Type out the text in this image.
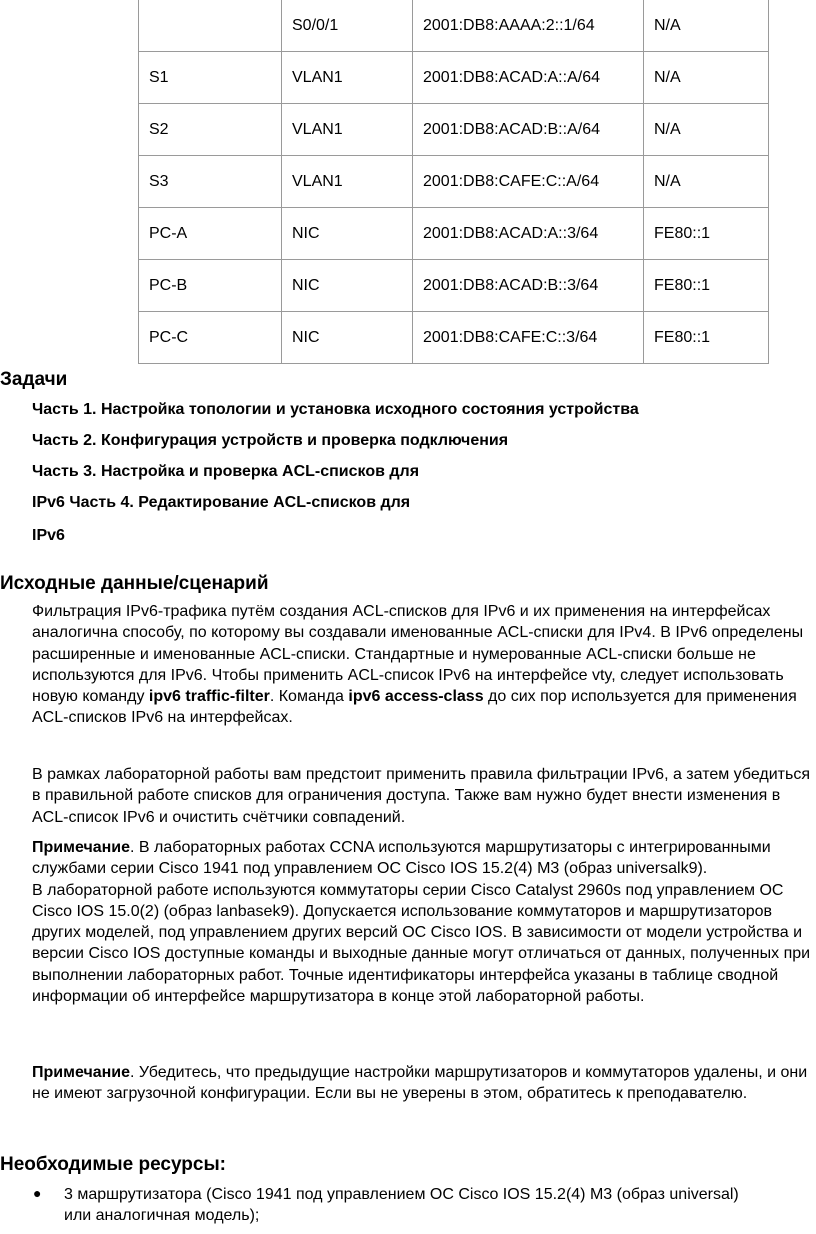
	S0/0/1	2001:DB8:AAAA:2::1/64	N/A
S1	VLAN1	2001:DB8:ACAD:A::A/64	N/A
S2	VLAN1	2001:DB8:ACAD:B::A/64	N/A
S3	VLAN1	2001:DB8:CAFE:C::A/64	N/A
PC-A	NIC	2001:DB8:ACAD:A::3/64	FE80::1
PC-B	NIC	2001:DB8:ACAD:B::3/64	FE80::1
PC-C	NIC	2001:DB8:CAFE:C::3/64	FE80::1
Задачи

Часть 1. Настройка топологии и установка исходного состояния устройства

Часть 2. Конфигурация устройств и проверка подключения

Часть 3. Настройка и проверка ACL-списков для

IPv6 Часть 4. Редактирование ACL-списков для

IPv6

Исходные данные/сценарий

Фильтрация IPv6-трафика путём создания ACL-списков для IPv6 и их применения на интерфейсах аналогична способу, по которому вы создавали именованные ACL-списки для IPv4. В IPv6 определены расширенные и именованные ACL-списки. Стандартные и нумерованные ACL-списки больше не используются для IPv6. Чтобы применить ACL-список IPv6 на интерфейсе vty, следует использовать новую команду ipv6 traffic-filter. Команда ipv6 access-class до сих пор используется для применения ACL-списков IPv6 на интерфейсах.

В рамках лабораторной работы вам предстоит применить правила фильтрации IPv6, а затем убедиться в правильной работе списков для ограничения доступа. Также вам нужно будет внести изменения в ACL-список IPv6 и очистить счётчики совпадений.

Примечание. В лабораторных работах CCNA используются маршрутизаторы с интегрированными службами серии Cisco 1941 под управлением ОС Cisco IOS 15.2(4) M3 (образ universalk9).
В лабораторной работе используются коммутаторы серии Cisco Catalyst 2960s под управлением ОС Cisco IOS 15.0(2) (образ lanbasek9). Допускается использование коммутаторов и маршрутизаторов других моделей, под управлением других версий ОС Cisco IOS. В зависимости от модели устройства и версии Cisco IOS доступные команды и выходные данные могут отличаться от данных, полученных при выполнении лабораторных работ. Точные идентификаторы интерфейса указаны в таблице сводной информации об интерфейсе маршрутизатора в конце этой лабораторной работы.

Примечание. Убедитесь, что предыдущие настройки маршрутизаторов и коммутаторов удалены, и они не имеют загрузочной конфигурации. Если вы не уверены в этом, обратитесь к преподавателю.

Необходимые ресурсы:
● 3 маршрутизатора (Cisco 1941 под управлением ОС Cisco IOS 15.2(4) M3 (образ universal) или аналогичная модель);
